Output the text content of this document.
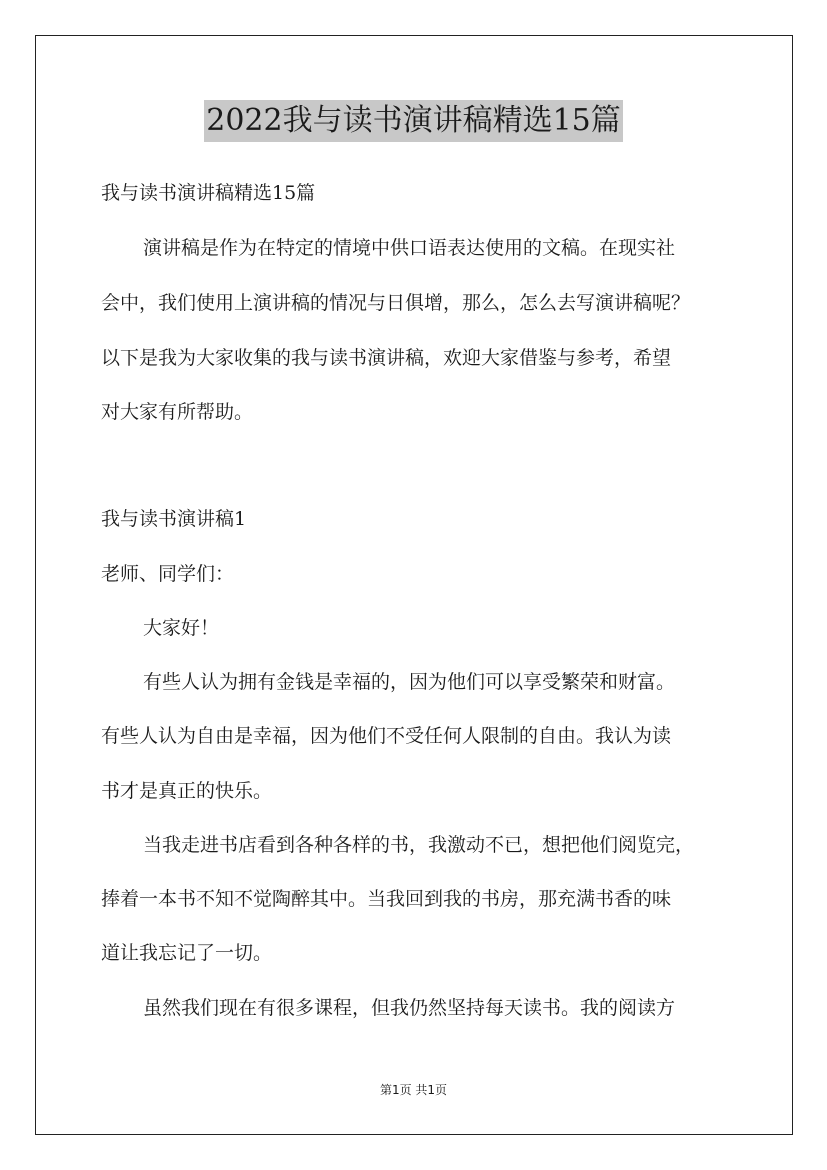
2022我与读书演讲稿精选15篇
我与读书演讲稿精选15篇
演讲稿是作为在特定的情境中供口语表达使用的文稿。在现实社
会中，我们使用上演讲稿的情况与日俱增，那么，怎么去写演讲稿呢？
以下是我为大家收集的我与读书演讲稿，欢迎大家借鉴与参考，希望
对大家有所帮助。
我与读书演讲稿1
老师、同学们：
大家好！
有些人认为拥有金钱是幸福的，因为他们可以享受繁荣和财富。
有些人认为自由是幸福，因为他们不受任何人限制的自由。我认为读
书才是真正的快乐。
当我走进书店看到各种各样的书，我激动不已，想把他们阅览完，
捧着一本书不知不觉陶醉其中。当我回到我的书房，那充满书香的味
道让我忘记了一切。
虽然我们现在有很多课程，但我仍然坚持每天读书。我的阅读方
第1页 共1页
